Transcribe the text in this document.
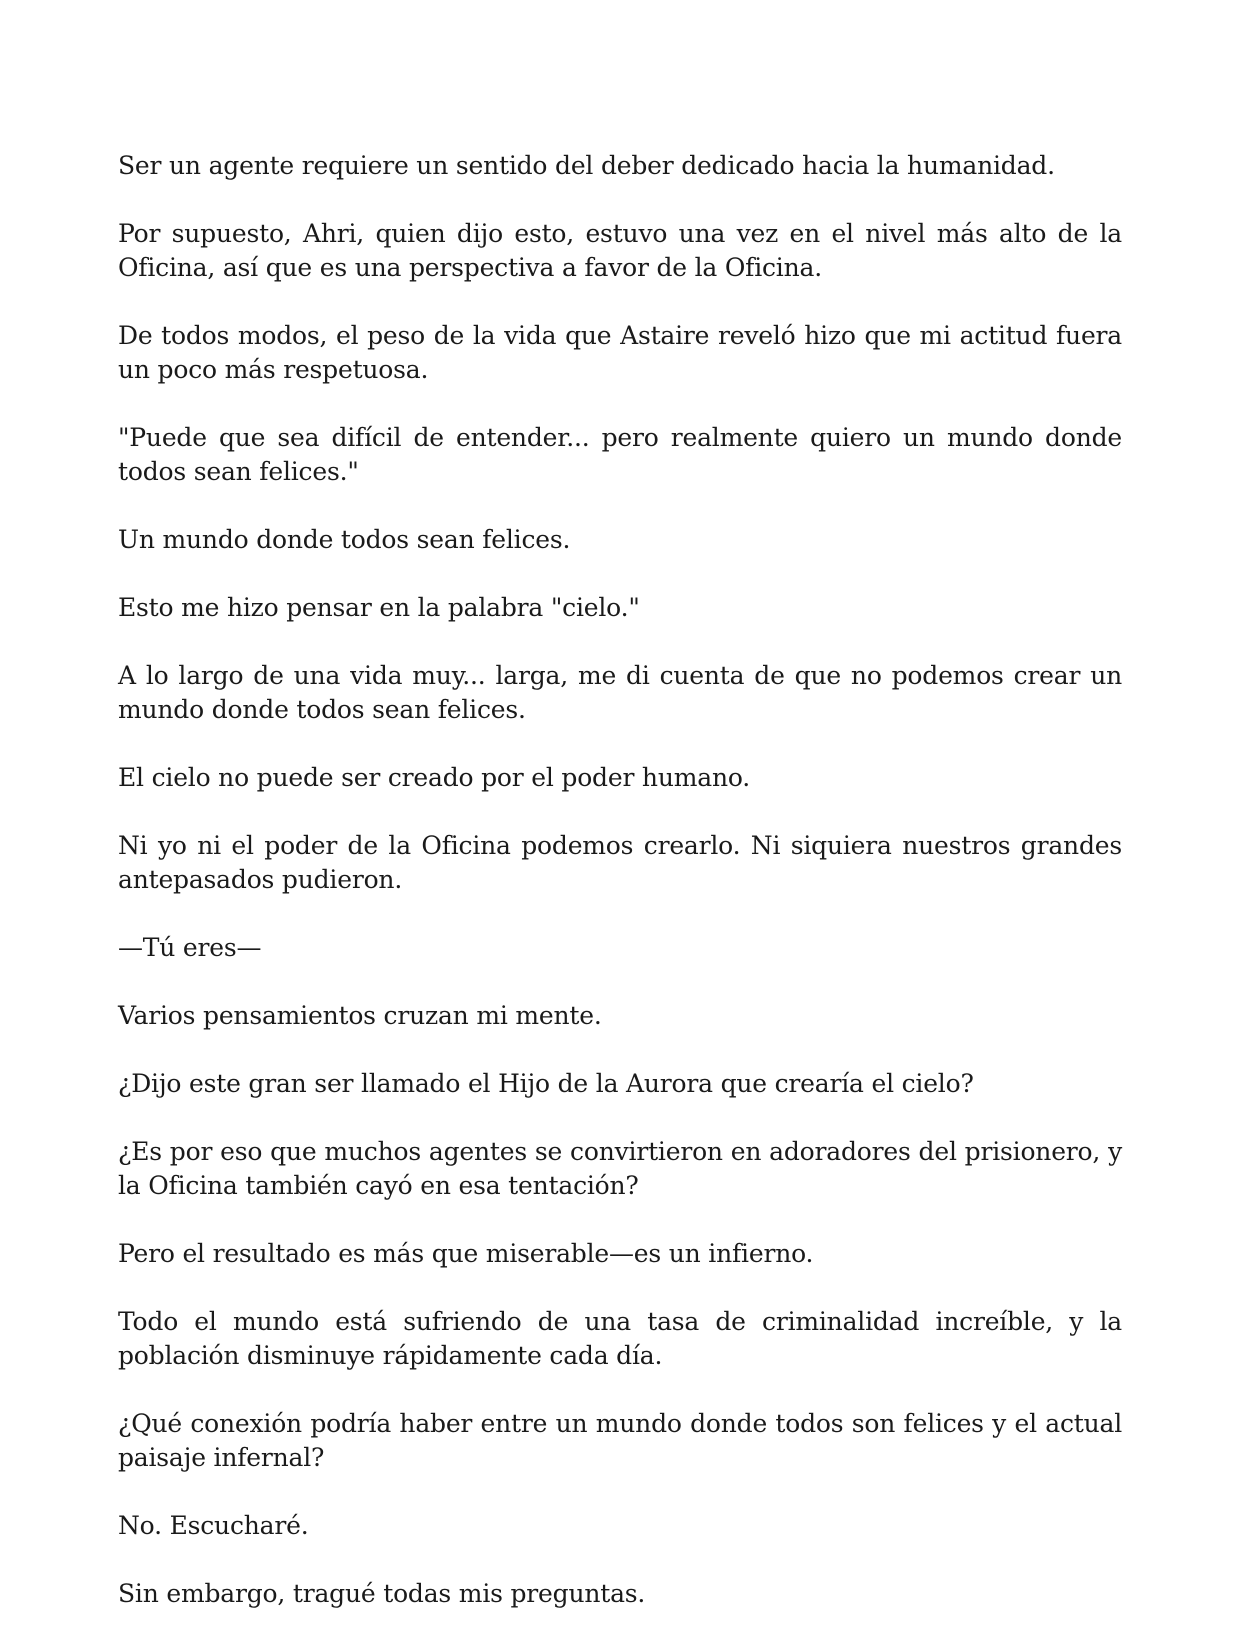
Ser un agente requiere un sentido del deber dedicado hacia la humanidad.

Por supuesto, Ahri, quien dijo esto, estuvo una vez en el nivel más alto de la Oficina, así que es una perspectiva a favor de la Oficina.

De todos modos, el peso de la vida que Astaire reveló hizo que mi actitud fuera un poco más respetuosa.

"Puede que sea difícil de entender... pero realmente quiero un mundo donde todos sean felices."

Un mundo donde todos sean felices.

Esto me hizo pensar en la palabra "cielo."

A lo largo de una vida muy... larga, me di cuenta de que no podemos crear un mundo donde todos sean felices.

El cielo no puede ser creado por el poder humano.

Ni yo ni el poder de la Oficina podemos crearlo. Ni siquiera nuestros grandes antepasados pudieron.

—Tú eres—

Varios pensamientos cruzan mi mente.

¿Dijo este gran ser llamado el Hijo de la Aurora que crearía el cielo?

¿Es por eso que muchos agentes se convirtieron en adoradores del prisionero, y la Oficina también cayó en esa tentación?

Pero el resultado es más que miserable—es un infierno.

Todo el mundo está sufriendo de una tasa de criminalidad increíble, y la población disminuye rápidamente cada día.

¿Qué conexión podría haber entre un mundo donde todos son felices y el actual paisaje infernal?

No. Escucharé.

Sin embargo, tragué todas mis preguntas.
